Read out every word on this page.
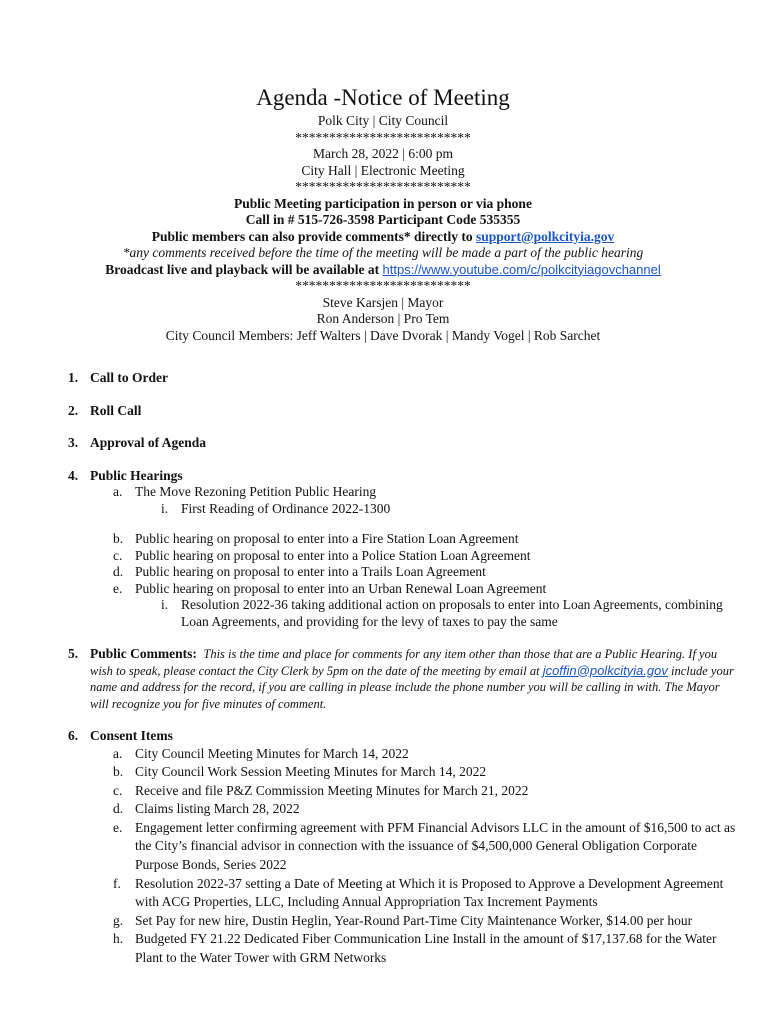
Agenda -Notice of Meeting
Polk City | City Council
**************************
March 28, 2022 | 6:00 pm
City Hall | Electronic Meeting
**************************
Public Meeting participation in person or via phone
Call in # 515-726-3598 Participant Code 535355
Public members can also provide comments* directly to support@polkcityia.gov
*any comments received before the time of the meeting will be made a part of the public hearing
Broadcast live and playback will be available at https://www.youtube.com/c/polkcityiagovchannel
**************************
Steve Karsjen | Mayor
Ron Anderson | Pro Tem
City Council Members: Jeff Walters | Dave Dvorak | Mandy Vogel | Rob Sarchet
1. Call to Order
2. Roll Call
3. Approval of Agenda
4. Public Hearings
a. The Move Rezoning Petition Public Hearing
i. First Reading of Ordinance 2022-1300
b. Public hearing on proposal to enter into a Fire Station Loan Agreement
c. Public hearing on proposal to enter into a Police Station Loan Agreement
d. Public hearing on proposal to enter into a Trails Loan Agreement
e. Public hearing on proposal to enter into an Urban Renewal Loan Agreement
i. Resolution 2022-36 taking additional action on proposals to enter into Loan Agreements, combining Loan Agreements, and providing for the levy of taxes to pay the same
5. Public Comments: This is the time and place for comments for any item other than those that are a Public Hearing. If you wish to speak, please contact the City Clerk by 5pm on the date of the meeting by email at jcoffin@polkcityia.gov include your name and address for the record, if you are calling in please include the phone number you will be calling in with. The Mayor will recognize you for five minutes of comment.
6. Consent Items
a. City Council Meeting Minutes for March 14, 2022
b. City Council Work Session Meeting Minutes for March 14, 2022
c. Receive and file P&Z Commission Meeting Minutes for March 21, 2022
d. Claims listing March 28, 2022
e. Engagement letter confirming agreement with PFM Financial Advisors LLC in the amount of $16,500 to act as the City’s financial advisor in connection with the issuance of $4,500,000 General Obligation Corporate Purpose Bonds, Series 2022
f. Resolution 2022-37 setting a Date of Meeting at Which it is Proposed to Approve a Development Agreement with ACG Properties, LLC, Including Annual Appropriation Tax Increment Payments
g. Set Pay for new hire, Dustin Heglin, Year-Round Part-Time City Maintenance Worker, $14.00 per hour
h. Budgeted FY 21.22 Dedicated Fiber Communication Line Install in the amount of $17,137.68 for the Water Plant to the Water Tower with GRM Networks
